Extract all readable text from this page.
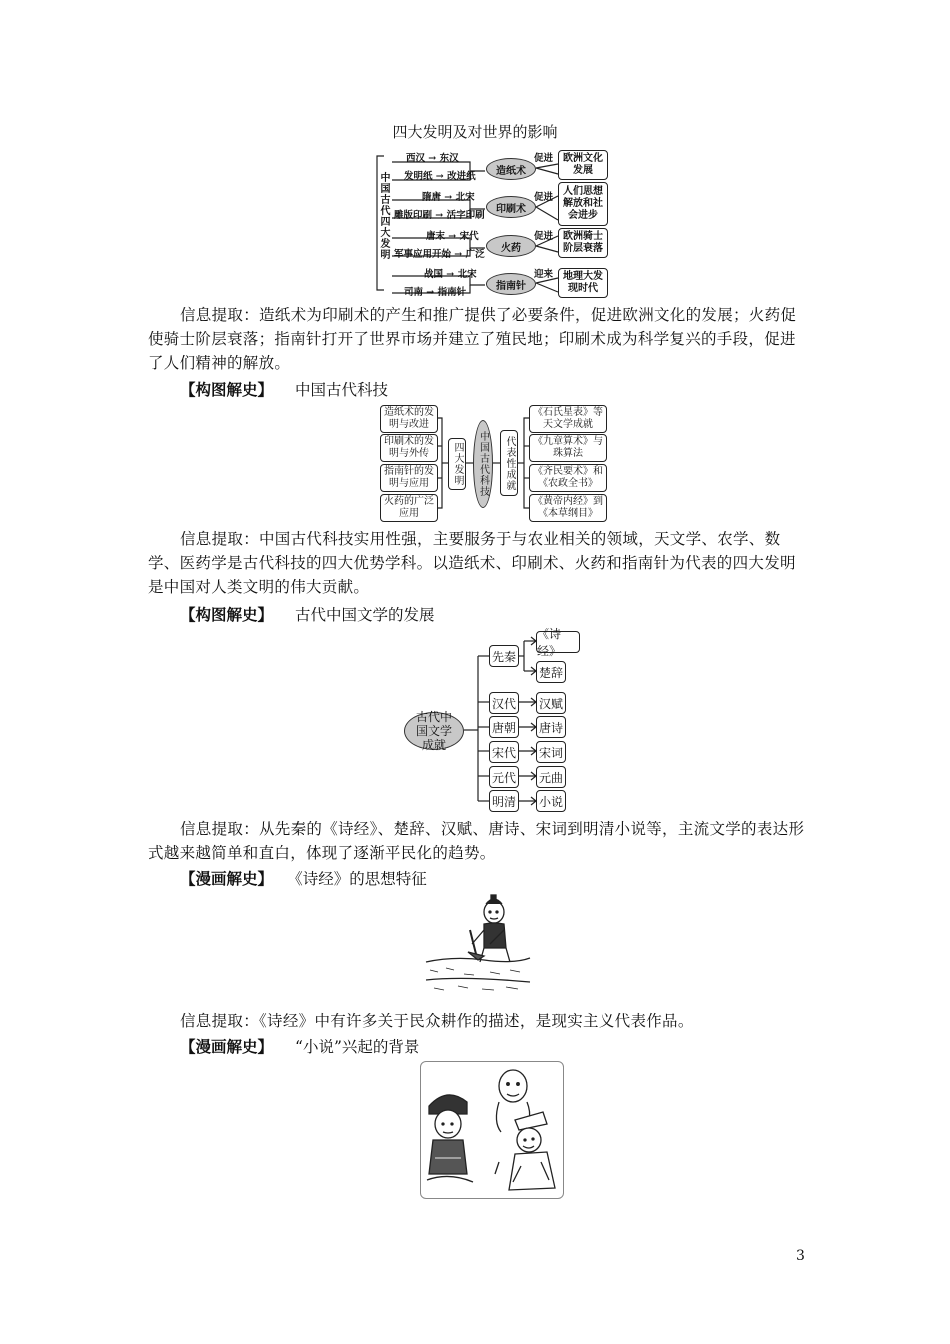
四大发明及对世界的影响
中国古代四大发明
西汉 → 东汉
发明纸 → 改进纸	造纸术
促进 欧洲文化发展
隋唐 → 北宋
雕版印刷 → 活字印刷
印刷术
促进
人们思想解放和社会进步
唐末 → 宋代
军事应用开始 → 广泛
火药
促进 欧洲骑士阶层衰落
战国 → 北宋
司南 → 指南针
指南针
迎来 地理大发现时代
信息提取：造纸术为印刷术的产生和推广提供了必要条件，促进欧洲文化的发展；火药促使骑士阶层衰落；指南针打开了世界市场并建立了殖民地；印刷术成为科学复兴的手段，促进了人们精神的解放。
【构图解史】 中国古代科技
造纸术的发明与改进
印刷术的发明与外传
指南针的发明与应用
火药的广泛应用
四大发明	中国古代科技	代表性成就
《石氏星表》等天文学成就
《九章算术》与珠算法
《齐民要术》和《农政全书》
《黄帝内经》到《本草纲目》
信息提取：中国古代科技实用性强，主要服务于与农业相关的领域，天文学、农学、数学、医药学是古代科技的四大优势学科。以造纸术、印刷术、火药和指南针为代表的四大发明是中国对人类文明的伟大贡献。
【构图解史】 古代中国文学的发展
古代中国文学成就
先秦
汉代
唐朝
宋代
元代
明清
《诗经》
楚辞
汉赋
唐诗
宋词
元曲
小说
信息提取：从先秦的《诗经》、楚辞、汉赋、唐诗、宋词到明清小说等，主流文学的表达形式越来越简单和直白，体现了逐渐平民化的趋势。
【漫画解史】 《诗经》的思想特征
信息提取：《诗经》中有许多关于民众耕作的描述，是现实主义代表作品。
【漫画解史】 “小说”兴起的背景
3
